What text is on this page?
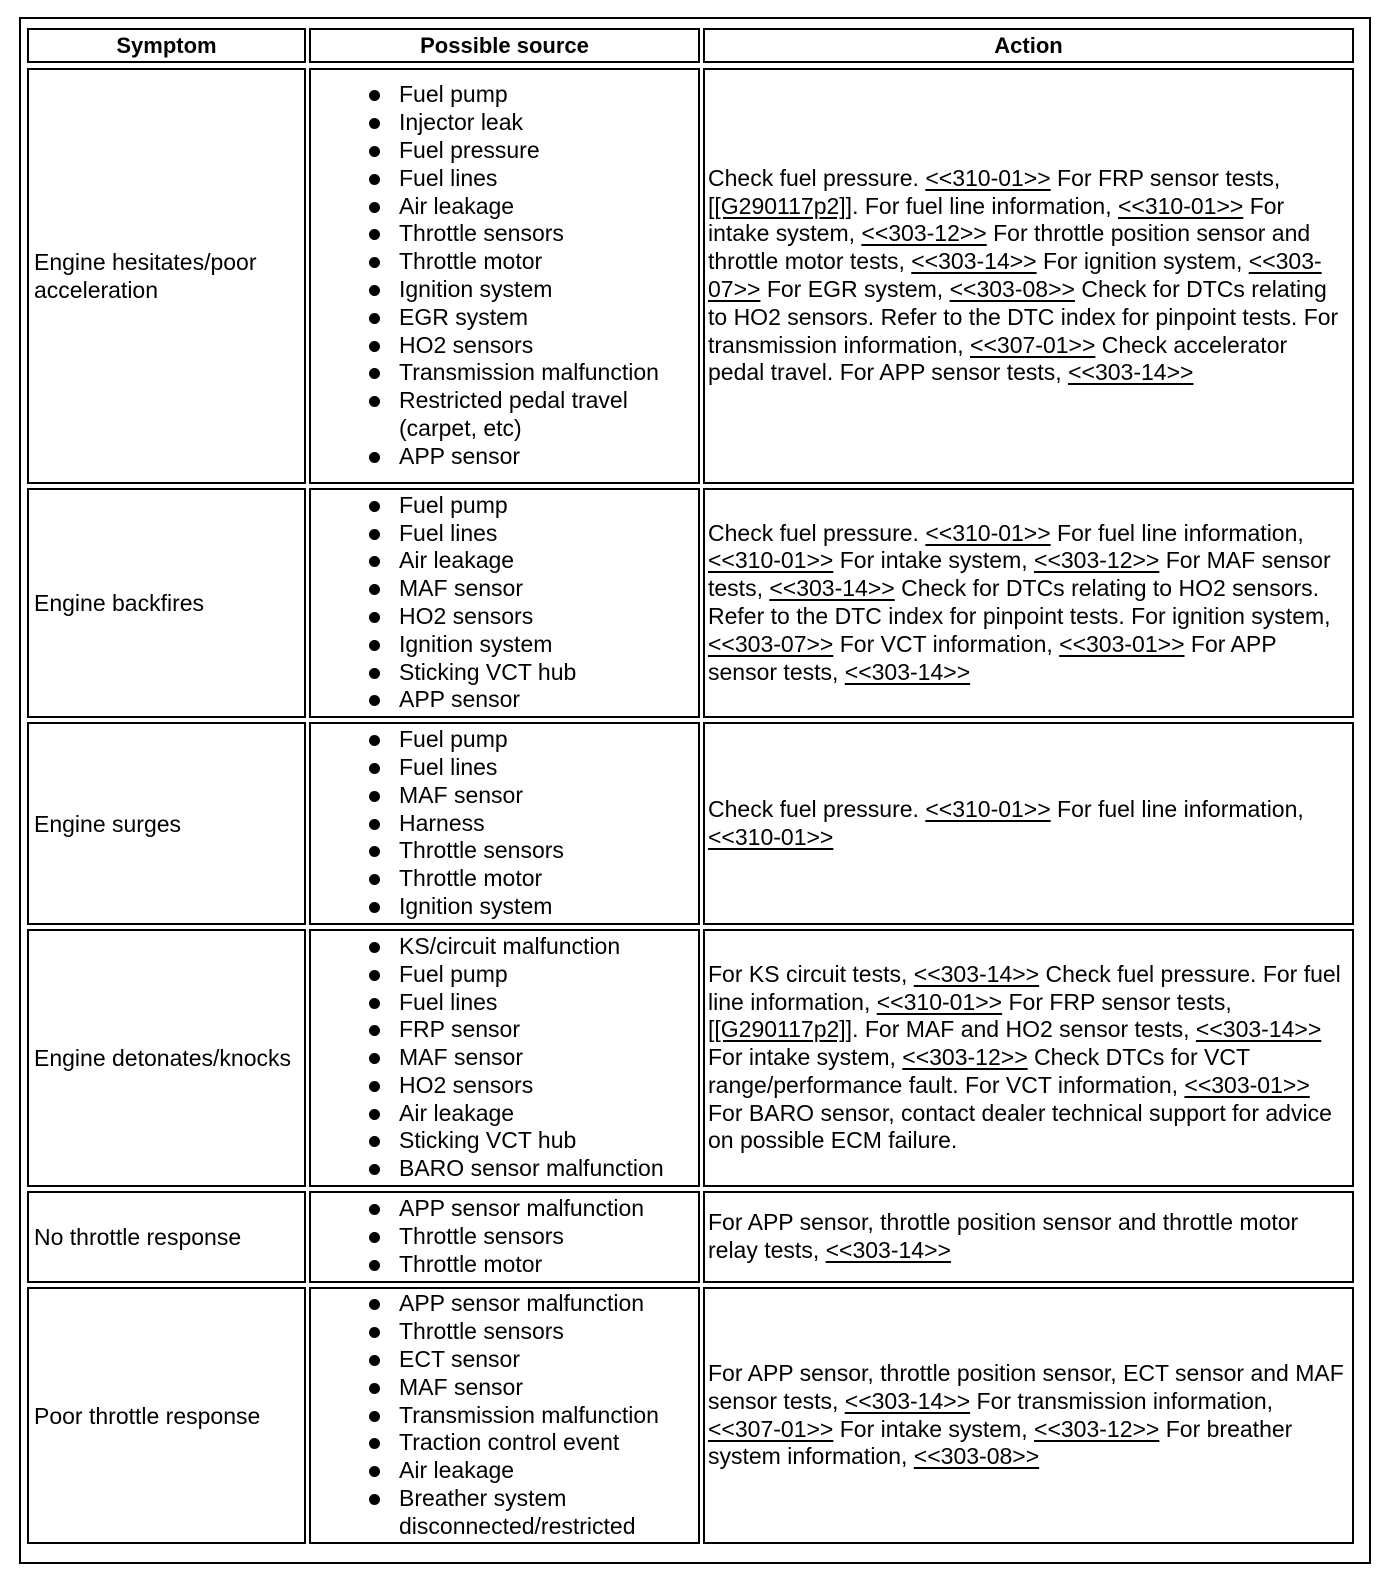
Symptom	Possible source	Action
Engine hesitates/poor acceleration
Fuel pump
Injector leak
Fuel pressure
Fuel lines
Air leakage
Throttle sensors
Throttle motor
Ignition system
EGR system
HO2 sensors
Transmission malfunction
Restricted pedal travel (carpet, etc)
APP sensor
Check fuel pressure. <<310-01>> For FRP sensor tests, [[G290117p2]]. For fuel line information, <<310-01>> For intake system, <<303-12>> For throttle position sensor and throttle motor tests, <<303-14>> For ignition system, <<303-07>> For EGR system, <<303-08>> Check for DTCs relating to HO2 sensors. Refer to the DTC index for pinpoint tests. For transmission information, <<307-01>> Check accelerator pedal travel. For APP sensor tests, <<303-14>>
Engine backfires
Fuel pump
Fuel lines
Air leakage
MAF sensor
HO2 sensors
Ignition system
Sticking VCT hub
APP sensor
Check fuel pressure. <<310-01>> For fuel line information, <<310-01>> For intake system, <<303-12>> For MAF sensor tests, <<303-14>> Check for DTCs relating to HO2 sensors. Refer to the DTC index for pinpoint tests. For ignition system, <<303-07>> For VCT information, <<303-01>> For APP sensor tests, <<303-14>>
Engine surges
Fuel pump
Fuel lines
MAF sensor
Harness
Throttle sensors
Throttle motor
Ignition system
Check fuel pressure. <<310-01>> For fuel line information, <<310-01>>
Engine detonates/knocks
KS/circuit malfunction
Fuel pump
Fuel lines
FRP sensor
MAF sensor
HO2 sensors
Air leakage
Sticking VCT hub
BARO sensor malfunction
For KS circuit tests, <<303-14>> Check fuel pressure. For fuel line information, <<310-01>> For FRP sensor tests, [[G290117p2]]. For MAF and HO2 sensor tests, <<303-14>> For intake system, <<303-12>> Check DTCs for VCT range/performance fault. For VCT information, <<303-01>> For BARO sensor, contact dealer technical support for advice on possible ECM failure.
No throttle response
APP sensor malfunction
Throttle sensors
Throttle motor
For APP sensor, throttle position sensor and throttle motor relay tests, <<303-14>>
Poor throttle response
APP sensor malfunction
Throttle sensors
ECT sensor
MAF sensor
Transmission malfunction
Traction control event
Air leakage
Breather system disconnected/restricted
For APP sensor, throttle position sensor, ECT sensor and MAF sensor tests, <<303-14>> For transmission information, <<307-01>> For intake system, <<303-12>> For breather system information, <<303-08>>
